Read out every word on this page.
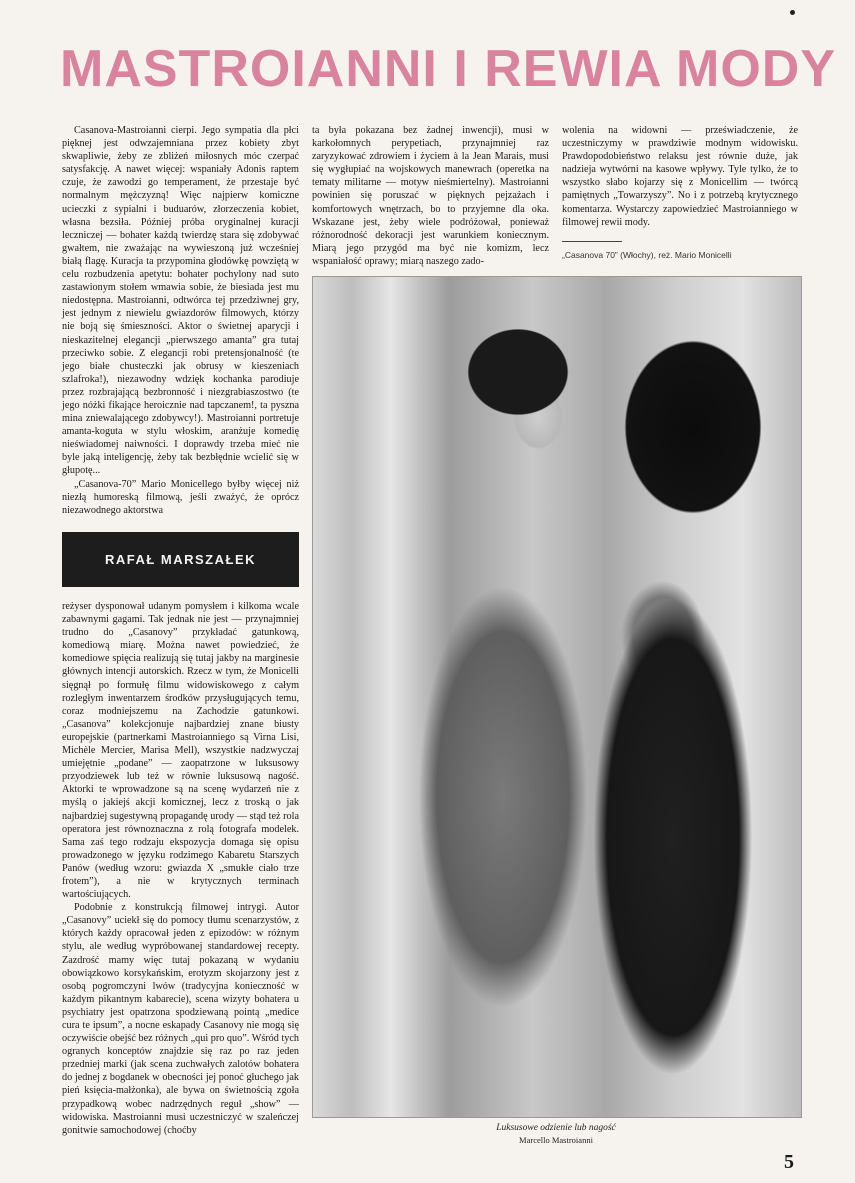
MASTROIANNI I REWIA MODY

Casanova-Mastroianni cierpi. Jego sympatia dla płci pięknej jest odwzajemniana przez kobiety zbyt skwapliwie, żeby ze zbliżeń miłosnych móc czerpać satysfakcję. A nawet więcej: wspaniały Adonis raptem czuje, że zawodzi go temperament, że przestaje być normalnym mężczyzną! Więc najpierw komiczne ucieczki z sypialni i buduarów, złorzeczenia kobiet, własna bezsiła. Później próba oryginalnej kuracji leczniczej — bohater każdą twierdzę stara się zdobywać gwałtem, nie zważając na wywieszoną już wcześniej białą flagę. Kuracja ta przypomina głodówkę powziętą w celu rozbudzenia apetytu: bohater pochylony nad suto zastawionym stołem wmawia sobie, że biesiada jest mu niedostępna. Mastroianni, odtwórca tej przedziwnej gry, jest jednym z niewielu gwiazdorów filmowych, którzy nie boją się śmieszności. Aktor o świetnej aparycji i nieskazitelnej elegancji „pierwszego amanta” gra tutaj przeciwko sobie. Z elegancji robi pretensjonalność (te jego białe chusteczki jak obrusy w kieszeniach szlafroka!), niezawodny wdzięk kochanka parodiuje przez rozbrajającą bezbronność i niezgrabiaszostwo (te jego nóżki fikające heroicznie nad tapczanem!, ta pyszna mina zniewalającego zdobywcy!). Mastroianni portretuje amanta-koguta w stylu włoskim, aranżuje komedię nieświadomej naiwności. I doprawdy trzeba mieć nie byle jaką inteligencję, żeby tak bezbłędnie wcielić się w głupotę...

„Casanova-70” Mario Monicellego byłby więcej niż niezłą humoreską filmową, jeśli zważyć, że oprócz niezawodnego aktorstwa

RAFAŁ MARSZAŁEK

reżyser dysponował udanym pomysłem i kilkoma wcale zabawnymi gagami. Tak jednak nie jest — przynajmniej trudno do „Casanovy” przykładać gatunkową, komediową miarę. Można nawet powiedzieć, że komediowe spięcia realizują się tutaj jakby na marginesie głównych intencji autorskich. Rzecz w tym, że Monicelli sięgnął po formułę filmu widowiskowego z całym rozległym inwentarzem środków przysługujących temu, coraz modniejszemu na Zachodzie gatunkowi. „Casanova” kolekcjonuje najbardziej znane biusty europejskie (partnerkami Mastroianniego są Virna Lisi, Michèle Mercier, Marisa Mell), wszystkie nadzwyczaj umiejętnie „podane” — zaopatrzone w luksusowy przyodziewek lub też w równie luksusową nagość. Aktorki te wprowadzone są na scenę wydarzeń nie z myślą o jakiejś akcji komicznej, lecz z troską o jak najbardziej sugestywną propagandę urody — stąd też rola operatora jest równoznaczna z rolą fotografa modelek. Sama zaś tego rodzaju ekspozycja domaga się opisu prowadzonego w języku rodzimego Kabaretu Starszych Panów (według wzoru: gwiazda X „smukłe ciało trze frotem”), a nie w krytycznych terminach wartościujących.

Podobnie z konstrukcją filmowej intrygi. Autor „Casanovy” uciekł się do pomocy tłumu scenarzystów, z których każdy opracował jeden z epizodów: w różnym stylu, ale według wypróbowanej standardowej recepty. Zazdrość mamy więc tutaj pokazaną w wydaniu obowiązkowo korsykańskim, erotyzm skojarzony jest z osobą pogromczyni lwów (tradycyjna konieczność w każdym pikantnym kabarecie), scena wizyty bohatera u psychiatry jest opatrzona spodziewaną pointą „medice cura te ipsum”, a nocne eskapady Casanovy nie mogą się oczywiście obejść bez różnych „qui pro quo”. Wśród tych ogranych konceptów znajdzie się raz po raz jeden przedniej marki (jak scena zuchwałych zalotów bohatera do jednej z bogdanek w obecności jej ponoć głuchego jak pień księcia-małżonka), ale bywa on świetnością zgoła przypadkową wobec nadrzędnych reguł „show” — widowiska. Mastroianni musi uczestniczyć w szaleńczej gonitwie samochodowej (choćby

ta była pokazana bez żadnej inwencji), musi w karkołomnych perypetiach, przynajmniej raz zaryzykować zdrowiem i życiem à la Jean Marais, musi się wygłupiać na wojskowych manewrach (operetka na tematy militarne — motyw nieśmiertelny). Mastroianni powinien się poruszać w pięknych pejzażach i komfortowych wnętrzach, bo to przyjemne dla oka. Wskazane jest, żeby wiele podróżował, ponieważ różnorodność dekoracji jest warunkiem koniecznym. Miarą jego przygód ma być nie komizm, lecz wspaniałość oprawy; miarą naszego zado-

wolenia na widowni — przeświadczenie, że uczestniczymy w prawdziwie modnym widowisku. Prawdopodobieństwo relaksu jest równie duże, jak nadzieja wytwórni na kasowe wpływy. Tyle tylko, że to wszystko słabo kojarzy się z Monicellim — twórcą pamiętnych „Towarzyszy”. No i z potrzebą krytycznego komentarza. Wystarczy zapowiedzieć Mastroianniego w filmowej rewii mody.

„Casanova 70” (Włochy), reż. Mario Monicelli
Luksusowe odzienie lub nagość
Marcello Mastroianni
5
